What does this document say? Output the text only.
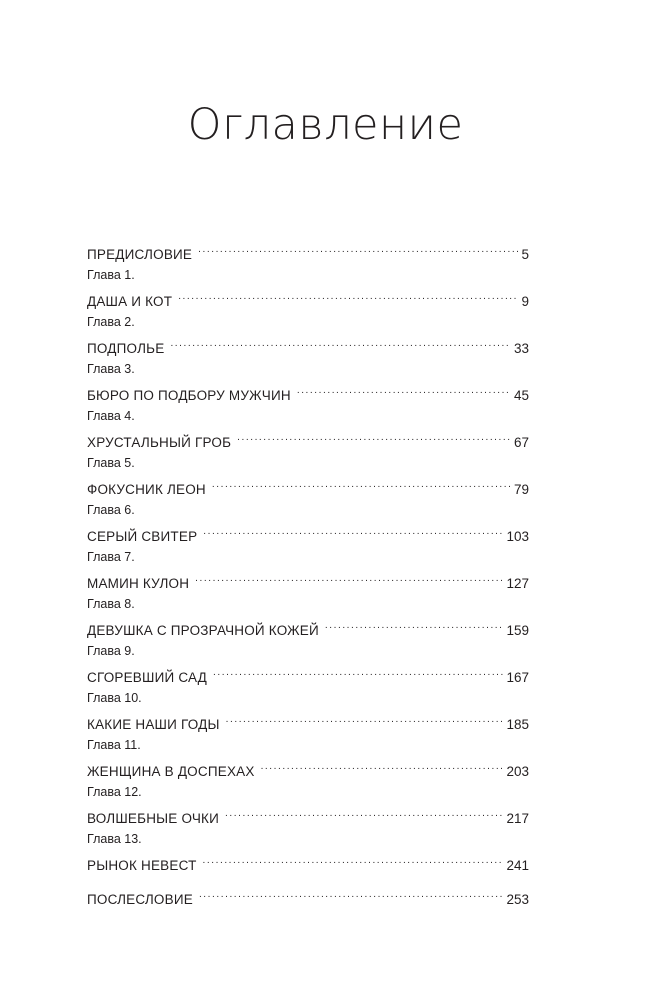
Оглавление
ПРЕДИСЛОВИЕ . . .	5
Глава 1.
ДАША И КОТ . . .	9
Глава 2.
ПОДПОЛЬЕ . . .	33
Глава 3.
БЮРО ПО ПОДБОРУ МУЖЧИН . . .	45
Глава 4.
ХРУСТАЛЬНЫЙ ГРОБ . . .	67
Глава 5.
ФОКУСНИК ЛЕОН . . .	79
Глава 6.
СЕРЫЙ СВИТЕР . . .	103
Глава 7.
МАМИН КУЛОН . . .	127
Глава 8.
ДЕВУШКА С ПРОЗРАЧНОЙ КОЖЕЙ . . .	159
Глава 9.
СГОРЕВШИЙ САД . . .	167
Глава 10.
КАКИЕ НАШИ ГОДЫ . . .	185
Глава 11.
ЖЕНЩИНА В ДОСПЕХАХ . . .	203
Глава 12.
ВОЛШЕБНЫЕ ОЧКИ . . .	217
Глава 13.
РЫНОК НЕВЕСТ . . .	241
ПОСЛЕСЛОВИЕ . . .	253
